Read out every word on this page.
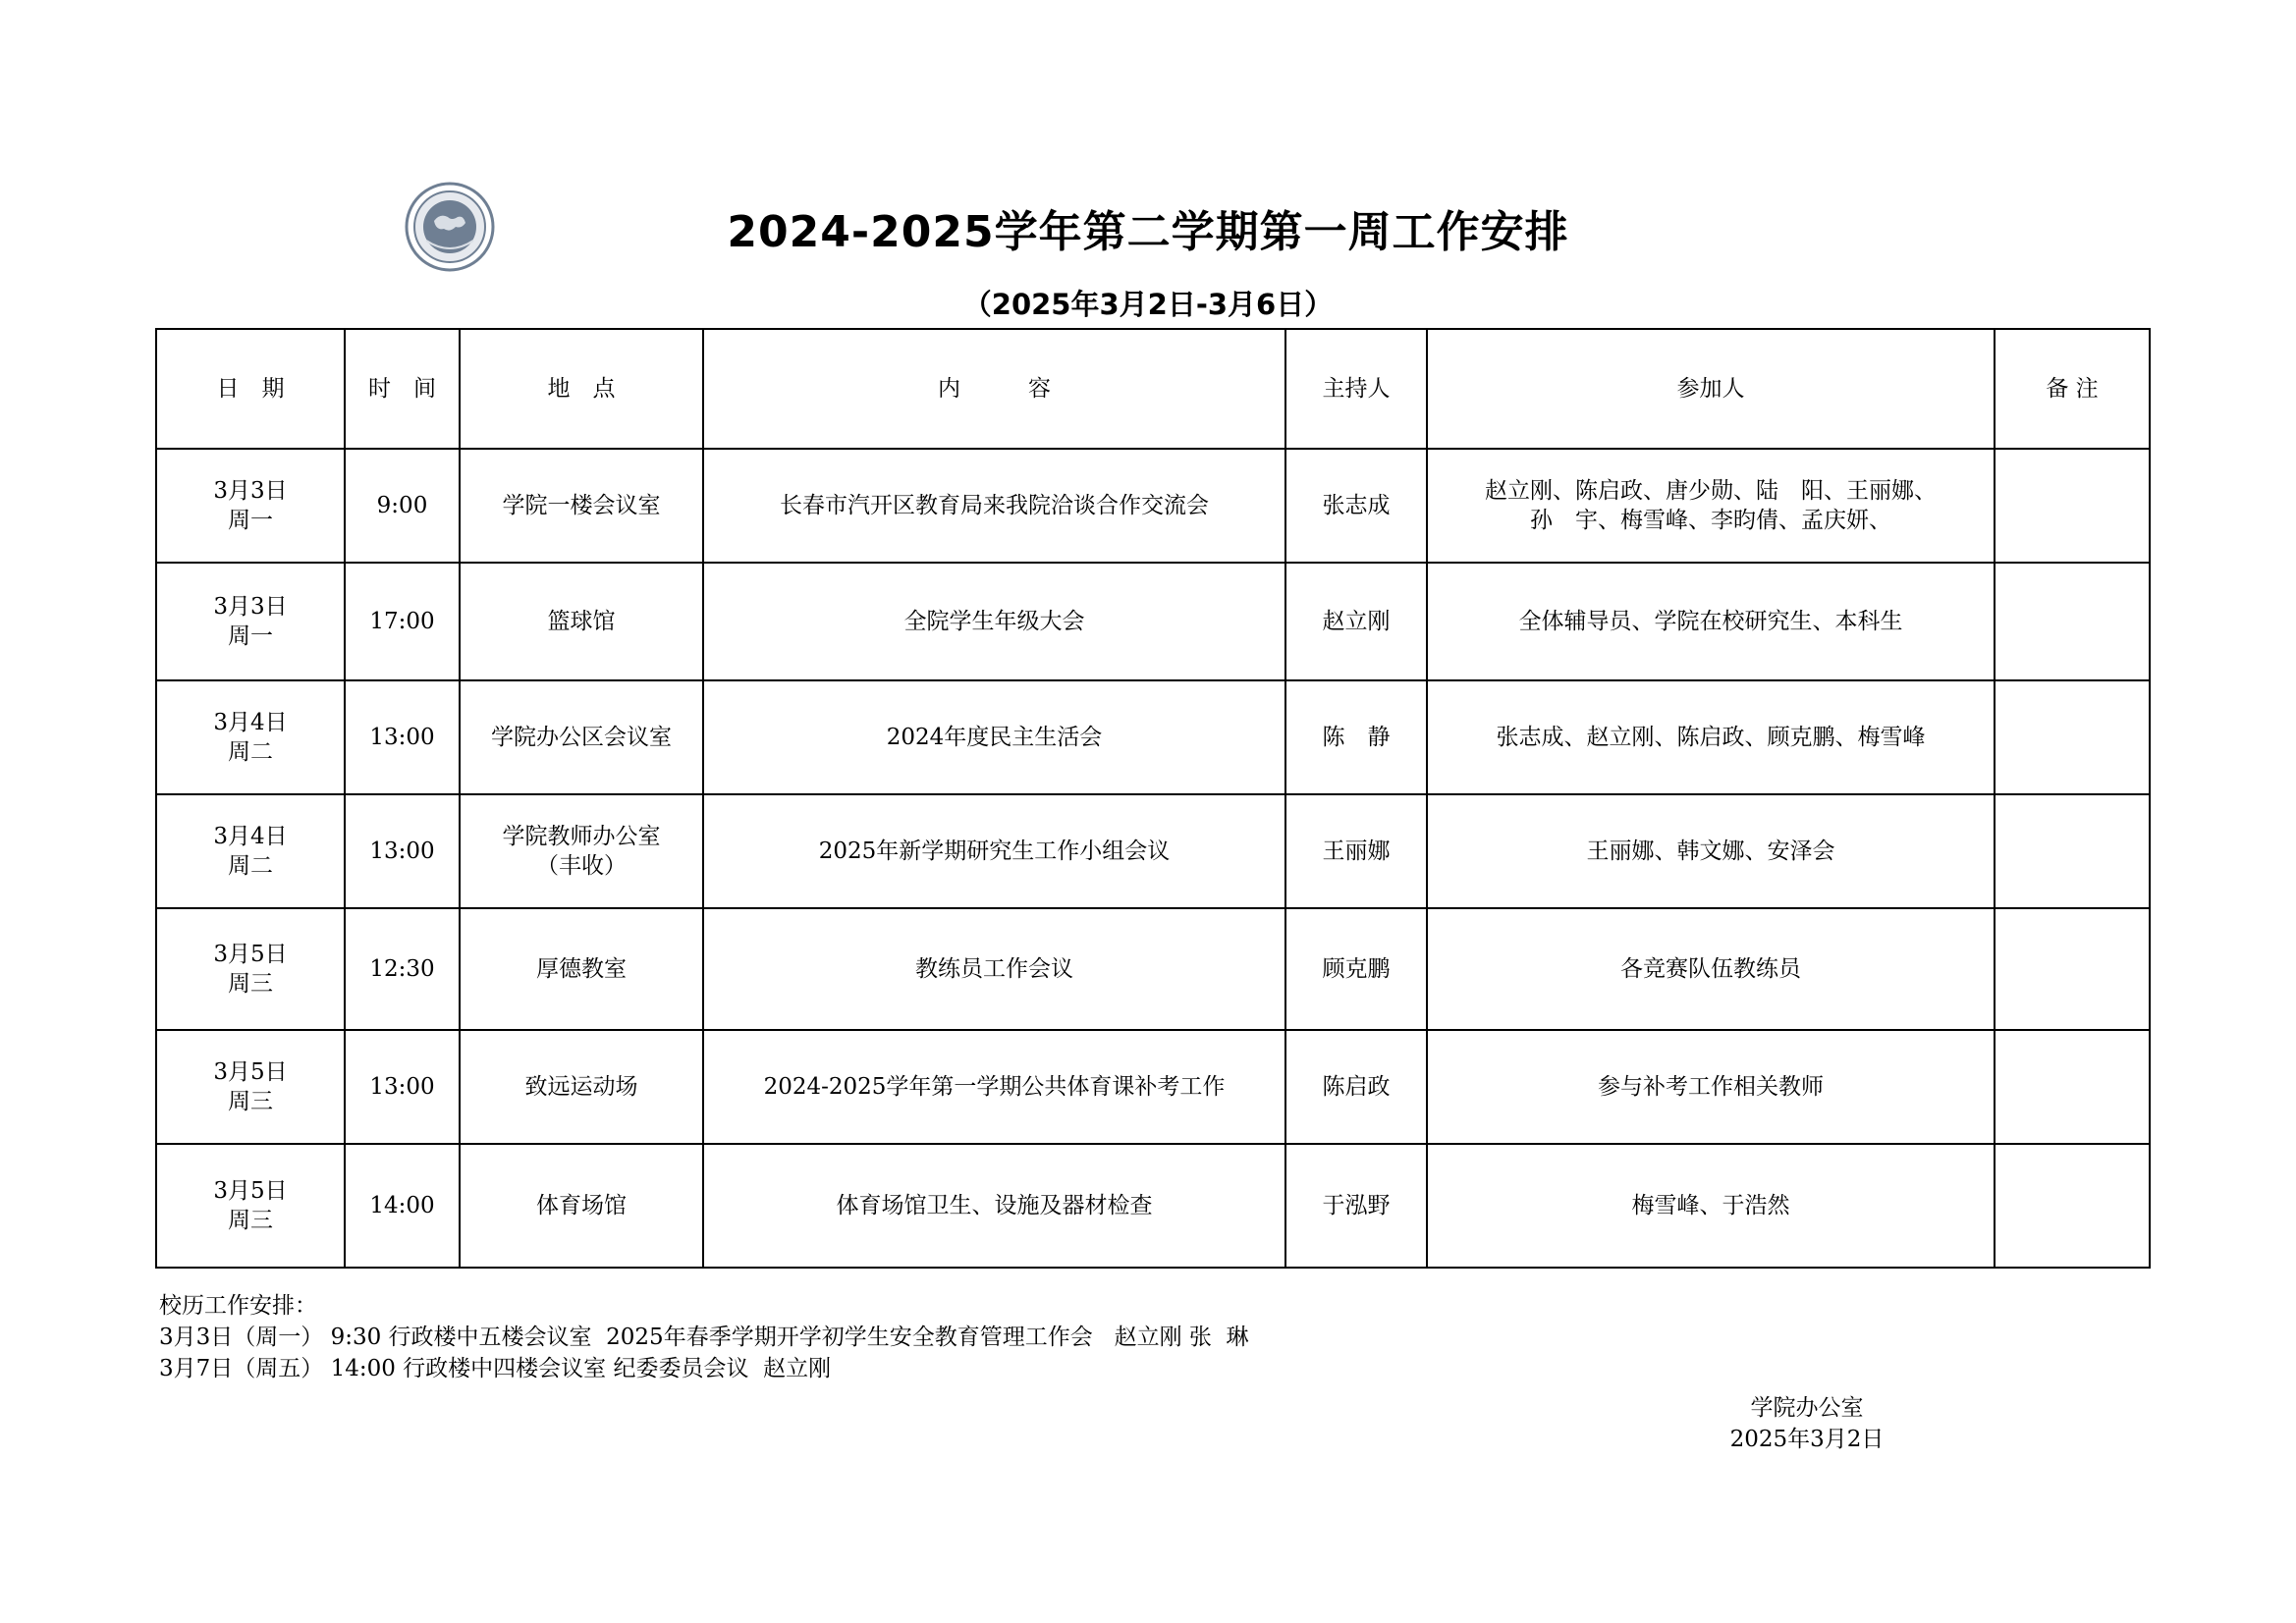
2024-2025学年第二学期第一周工作安排
（2025年3月2日-3月6日）
日　期	时　间	地　点	内　　　容	主持人	参加人	备 注

3月3日
周一	9:00	学院一楼会议室	长春市汽开区教育局来我院洽谈合作交流会	张志成	赵立刚、陈启政、唐少勋、陆　阳、王丽娜、
孙　宇、梅雪峰、李昀倩、孟庆妍、	

3月3日
周一	17:00	篮球馆	全院学生年级大会	赵立刚	全体辅导员、学院在校研究生、本科生	

3月4日
周二	13:00	学院办公区会议室	2024年度民主生活会	陈　静	张志成、赵立刚、陈启政、顾克鹏、梅雪峰	

3月4日
周二	13:00	学院教师办公室
（丰收）	2025年新学期研究生工作小组会议	王丽娜	王丽娜、韩文娜、安泽会	

3月5日
周三	12:30	厚德教室	教练员工作会议	顾克鹏	各竞赛队伍教练员	

3月5日
周三	13:00	致远运动场	2024-2025学年第一学期公共体育课补考工作	陈启政	参与补考工作相关教师	

3月5日
周三	14:00	体育场馆	体育场馆卫生、设施及器材检查	于泓野	梅雪峰、于浩然	

校历工作安排：
3月3日（周一） 9:30 行政楼中五楼会议室  2025年春季学期开学初学生安全教育管理工作会   赵立刚 张  琳
3月7日（周五） 14:00 行政楼中四楼会议室 纪委委员会议  赵立刚
学院办公室
2025年3月2日
